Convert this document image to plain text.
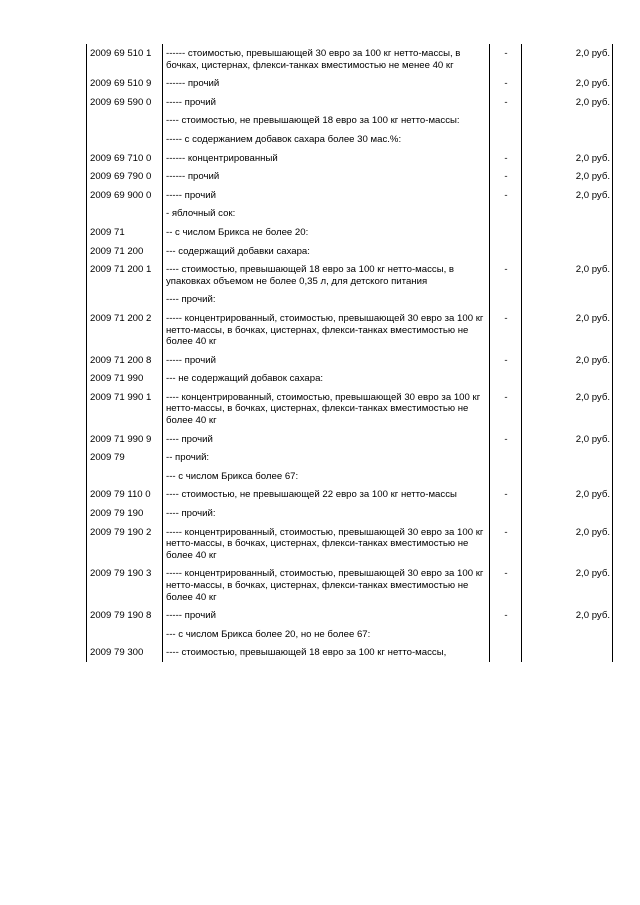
2009 69 510 1	------ стоимостью, превышающей 30 евро за 100 кг нетто-массы, в бочках, цистернах, флекси-танках вместимостью не менее 40 кг	-	2,0 руб.
2009 69 510 9	------ прочий	-	2,0 руб.
2009 69 590 0	----- прочий	-	2,0 руб.
	---- стоимостью, не превышающей 18 евро за 100 кг нетто-массы:		
	----- с содержанием добавок сахара более 30 мас.%:		
2009 69 710 0	------ концентрированный	-	2,0 руб.
2009 69 790 0	------ прочий	-	2,0 руб.
2009 69 900 0	----- прочий	-	2,0 руб.
	- яблочный сок:		
2009 71	-- с числом Брикса не более 20:		
2009 71 200	--- содержащий добавки сахара:		
2009 71 200 1	---- стоимостью, превышающей 18 евро за 100 кг нетто-массы, в упаковках объемом не более 0,35 л, для детского питания	-	2,0 руб.
	---- прочий:		
2009 71 200 2	----- концентрированный, стоимостью, превышающей 30 евро за 100 кг нетто-массы, в бочках, цистернах, флекси-танках вместимостью не более 40 кг	-	2,0 руб.
2009 71 200 8	----- прочий	-	2,0 руб.
2009 71 990	--- не содержащий добавок сахара:		
2009 71 990 1	---- концентрированный, стоимостью, превышающей 30 евро за 100 кг нетто-массы, в бочках, цистернах, флекси-танках вместимостью не более 40 кг	-	2,0 руб.
2009 71 990 9	---- прочий	-	2,0 руб.
2009 79	-- прочий:		
	--- с числом Брикса более 67:		
2009 79 110 0	---- стоимостью, не превышающей 22 евро за 100 кг нетто-массы	-	2,0 руб.
2009 79 190	---- прочий:		
2009 79 190 2	----- концентрированный, стоимостью, превышающей 30 евро за 100 кг нетто-массы, в бочках, цистернах, флекси-танках вместимостью не более 40 кг	-	2,0 руб.
2009 79 190 3	----- концентрированный, стоимостью, превышающей 30 евро за 100 кг нетто-массы, в бочках, цистернах, флекси-танках вместимостью не более 40 кг	-	2,0 руб.
2009 79 190 8	----- прочий	-	2,0 руб.
	--- с числом Брикса более 20, но не более 67:		
2009 79 300	---- стоимостью, превышающей 18 евро за 100 кг нетто-массы,		
